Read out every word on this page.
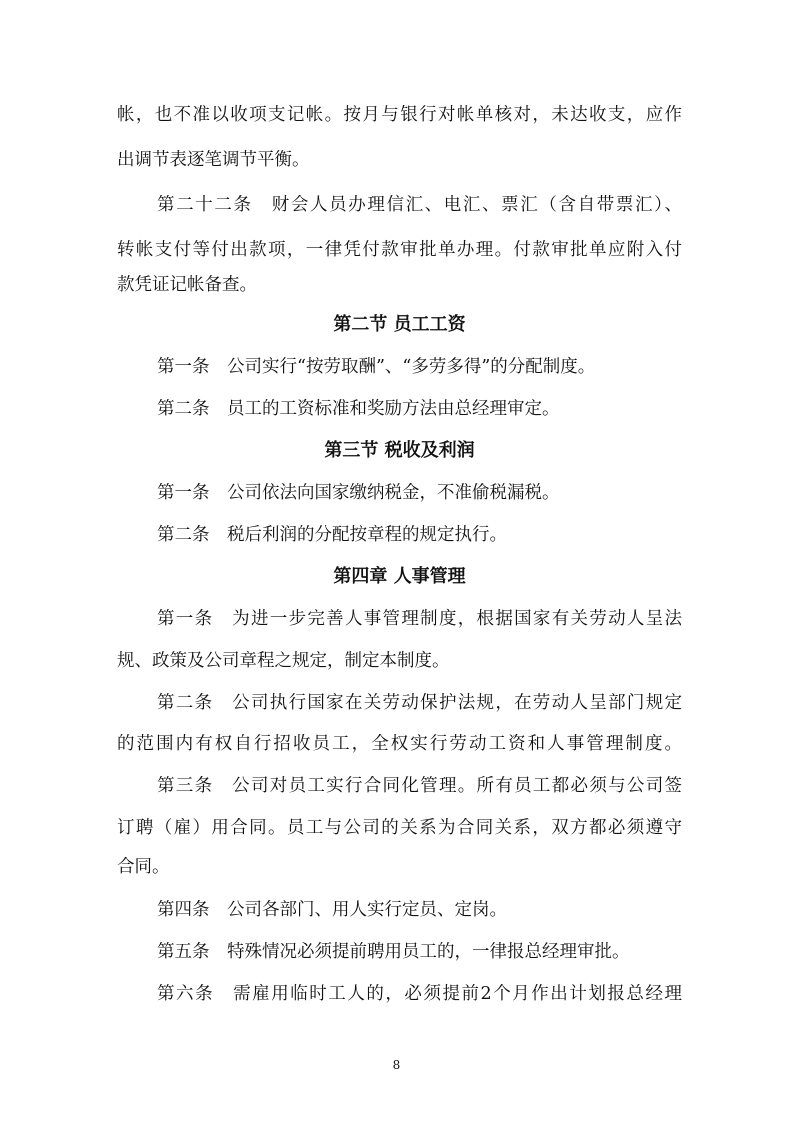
帐，也不准以收项支记帐。按月与银行对帐单核对，未达收支，应作
出调节表逐笔调节平衡。
第二十二条　财会人员办理信汇、电汇、票汇（含自带票汇）、
转帐支付等付出款项，一律凭付款审批单办理。付款审批单应附入付
款凭证记帐备查。
第二节 员工工资
第一条　公司实行“按劳取酬”、“多劳多得”的分配制度。
第二条　员工的工资标准和奖励方法由总经理审定。
第三节 税收及利润
第一条　公司依法向国家缴纳税金，不准偷税漏税。
第二条　税后利润的分配按章程的规定执行。
第四章 人事管理
第一条　为进一步完善人事管理制度，根据国家有关劳动人呈法
规、政策及公司章程之规定，制定本制度。
第二条　公司执行国家在关劳动保护法规，在劳动人呈部门规定
的范围内有权自行招收员工，全权实行劳动工资和人事管理制度。
第三条　公司对员工实行合同化管理。所有员工都必须与公司签
订聘（雇）用合同。员工与公司的关系为合同关系，双方都必须遵守
合同。
第四条　公司各部门、用人实行定员、定岗。
第五条　特殊情况必须提前聘用员工的，一律报总经理审批。
第六条　需雇用临时工人的，必须提前2个月作出计划报总经理
8
